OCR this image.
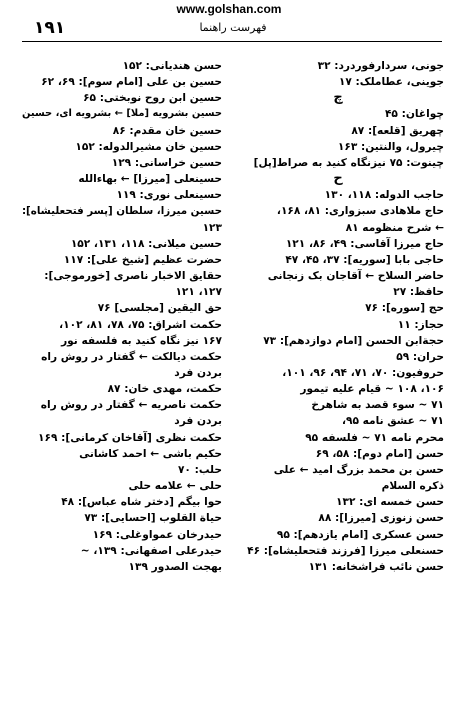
www.golshan.com
۱۹۱	فهرست راهنما
جونی، سردارفوردرد: ۳۲
جوینی، عطاملک: ۱۷
چ
چواغان: ۴۵
چهریق [قلعه]: ۸۷
چیرول، والنتین: ۱۶۳
چینوت: ۷۵ نیزنگاه کنید به صراط[پل]
ح
حاجب الدوله: ۱۱۸، ۱۳۰
حاج ملاهادی سبزواری: ۸۱، ۱۶۸،
← شرح منظومه ۸۱
حاج میرزا آقاسی: ۴۹، ۸۶، ۱۲۱
حاجی بابا [سوریه]: ۳۷، ۴۵، ۴۷
حاضر السلاح ← آقاجان بک زنجانی
حافظ: ۲۷
حج [سوره]: ۷۶
حجاز: ۱۱
حجةابن الحسن [امام دوازدهم]: ۷۳
حران: ۵۹
حروفیون: ۷۰، ۷۱، ۹۴، ۹۶، ۱۰۱،
۱۰۶، ۱۰۸ ~ قیام علیه تیمور
۷۱ ~ سوء قصد به شاهرخ
۷۱ ~ عشق نامه ۹۵،
محرم نامه ۷۱ ~ فلسفه ۹۵
حسن [امام دوم]: ۵۸، ۶۹
حسن بن محمد بزرگ امید ← علی
ذکره السلام
حسن خمسه ای: ۱۳۲
حسن زنوزی [میرزا]: ۸۸
حسن عسکری [امام یازدهم]: ۹۵
حسنعلی میرزا [فرزند فتحعلیشاه]: ۴۶
حسن نائب فراشخانه: ۱۳۱
حسن هندیانی: ۱۵۲
حسین بن علی [امام سوم]: ۶۹، ۶۲
حسین ابن روح نوبختی: ۶۵
حسین بشرویه [ملا] ← بشرویه ای، حسین
حسین خان مقدم: ۸۶
حسین خان مشیرالدوله: ۱۵۲
حسین خراسانی: ۱۲۹
حسینعلی [میرزا] ← بهاءالله
حسینعلی نوری: ۱۱۹
حسین میرزا، سلطان [پسر فتحعلیشاه]:
۱۲۳
حسین میلانی: ۱۱۸، ۱۳۱، ۱۵۲
حضرت عظیم [شیخ علی]: ۱۱۷
حقایق الاخبار ناصری [خورموجی]:
۱۲۷، ۱۲۱
حق الیقین [مجلسی] ۷۶
حکمت اشراق: ۷۵، ۷۸، ۸۱، ۱۰۲،
۱۶۷ نیز نگاه کنید به فلسفه نور
حکمت دیالکت ← گفتار در روش راه
بردن فرد
حکمت، مهدی خان: ۸۷
حکمت ناصریه ← گفتار در روش راه
بردن فرد
حکمت نظری [آقاخان کرمانی]: ۱۶۹
حکیم باشی ← احمد کاشانی
حلب: ۷۰
حلی ← علامه حلی
حوا بیگم [دختر شاه عباس]: ۴۸
حیاة القلوب [احسایی]: ۷۳
حیدرخان عمواوغلی: ۱۶۹
حیدرعلی اصفهانی: ۱۳۹، ~
بهجت الصدور ۱۳۹
